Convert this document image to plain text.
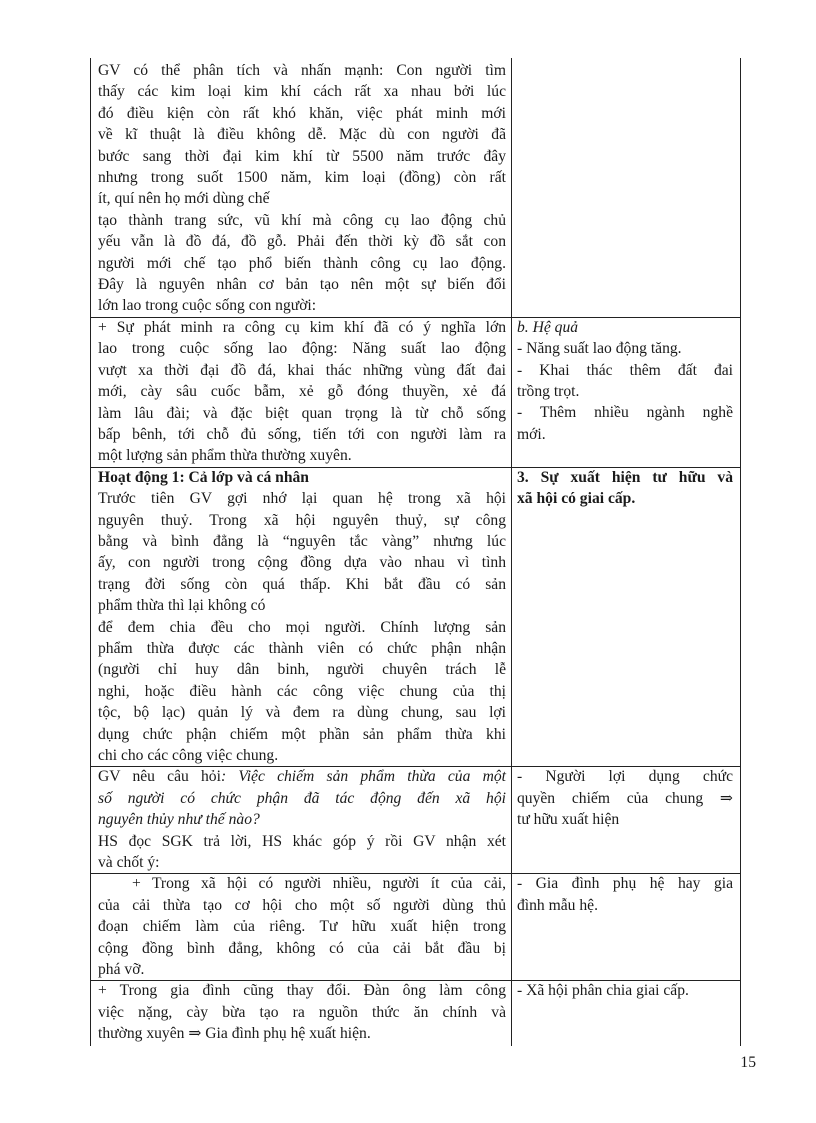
GV có thể phân tích và nhấn mạnh: Con người tìm
thấy các kim loại kim khí cách rất xa nhau bởi lúc
đó điều kiện còn rất khó khăn, việc phát minh mới
về kĩ thuật là điều không dễ. Mặc dù con người đã
bước sang thời đại kim khí từ 5500 năm trước đây
nhưng trong suốt 1500 năm, kim loại (đồng) còn rất
ít, quí nên họ mới dùng chế
tạo thành trang sức, vũ khí mà công cụ lao động chủ
yếu vẫn là đồ đá, đồ gỗ. Phải đến thời kỳ đồ sắt con
người mới chế tạo phổ biến thành công cụ lao động.
Đây là nguyên nhân cơ bản tạo nên một sự biến đổi
lớn lao trong cuộc sống con người:
+ Sự phát minh ra công cụ kim khí đã có ý nghĩa lớn
lao trong cuộc sống lao động: Năng suất lao động
vượt xa thời đại đồ đá, khai thác những vùng đất đai
mới, cày sâu cuốc bẫm, xẻ gỗ đóng thuyền, xẻ đá
làm lâu đài; và đặc biệt quan trọng là từ chỗ sống
bấp bênh, tới chỗ đủ sống, tiến tới con người làm ra
một lượng sản phẩm thừa thường xuyên.
Hoạt động 1: Cả lớp và cá nhân
Trước tiên GV gợi nhớ lại quan hệ trong xã hội
nguyên thuỷ. Trong xã hội nguyên thuỷ, sự công
bằng và bình đẳng là “nguyên tắc vàng” nhưng lúc
ấy, con người trong cộng đồng dựa vào nhau vì tình
trạng đời sống còn quá thấp. Khi bắt đầu có sản
phẩm thừa thì lại không có
để đem chia đều cho mọi người. Chính lượng sản
phẩm thừa được các thành viên có chức phận nhận
(người chỉ huy dân binh, người chuyên trách lễ
nghi, hoặc điều hành các công việc chung của thị
tộc, bộ lạc) quản lý và đem ra dùng chung, sau lợi
dụng chức phận chiếm một phần sản phẩm thừa khi
chi cho các công việc chung.
GV nêu câu hỏi: Việc chiếm sản phẩm thừa của một
số người có chức phận đã tác động đến xã hội
nguyên thủy như thế nào?
HS đọc SGK trả lời, HS khác góp ý rồi GV nhận xét
và chốt ý:
+ Trong xã hội có người nhiều, người ít của cải,
của cải thừa tạo cơ hội cho một số người dùng thủ
đoạn chiếm làm của riêng. Tư hữu xuất hiện trong
cộng đồng bình đẳng, không có của cải bắt đầu bị
phá vỡ.
+ Trong gia đình cũng thay đổi. Đàn ông làm công
việc nặng, cày bừa tạo ra nguồn thức ăn chính và
thường xuyên ⇒ Gia đình phụ hệ xuất hiện.
b. Hệ quả
- Năng suất lao động tăng.
- Khai thác thêm đất đai
trồng trọt.
- Thêm nhiều ngành nghề
mới.
3. Sự xuất hiện tư hữu và
xã hội có giai cấp.
- Người lợi dụng chức
quyền chiếm của chung ⇒
tư hữu xuất hiện
- Gia đình phụ hệ hay gia
đình mẫu hệ.
- Xã hội phân chia giai cấp.
15
